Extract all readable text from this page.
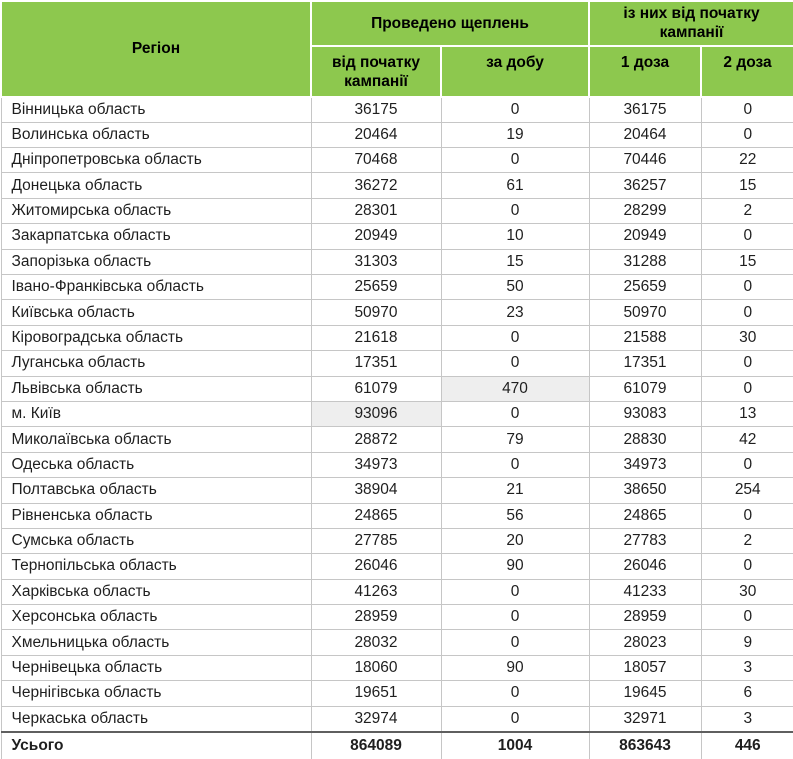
Регіон	Проведено щеплень		із них від початку кампанії	
	від початку кампанії	за добу	1 доза	2 доза
Вінницька область	36175	0	36175	0
Волинська область	20464	19	20464	0
Дніпропетровська область	70468	0	70446	22
Донецька область	36272	61	36257	15
Житомирська область	28301	0	28299	2
Закарпатська область	20949	10	20949	0
Запорізька область	31303	15	31288	15
Івано-Франківська область	25659	50	25659	0
Київська область	50970	23	50970	0
Кіровоградська область	21618	0	21588	30
Луганська область	17351	0	17351	0
Львівська область	61079	470	61079	0
м. Київ	93096	0	93083	13
Миколаївська область	28872	79	28830	42
Одеська область	34973	0	34973	0
Полтавська область	38904	21	38650	254
Рівненська область	24865	56	24865	0
Сумська область	27785	20	27783	2
Тернопільська область	26046	90	26046	0
Харківська область	41263	0	41233	30
Херсонська область	28959	0	28959	0
Хмельницька область	28032	0	28023	9
Чернівецька область	18060	90	18057	3
Чернігівська область	19651	0	19645	6
Черкаська область	32974	0	32971	3
Усього	864089	1004	863643	446
